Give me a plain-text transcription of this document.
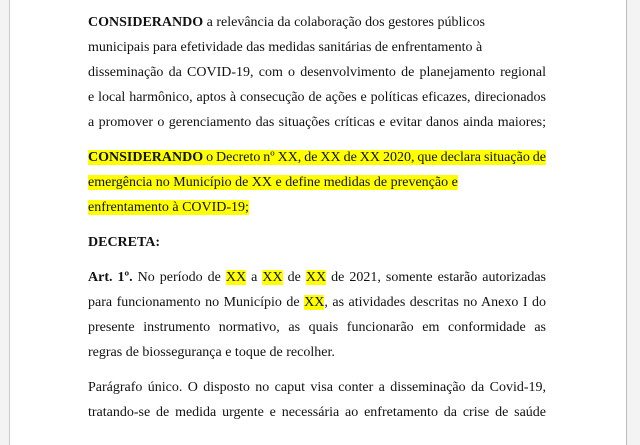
CONSIDERANDO a relevância da colaboração dos gestores públicos
municipais para efetividade das medidas sanitárias de enfrentamento à
disseminação da COVID-19, com o desenvolvimento de planejamento regional
e local harmônico, aptos à consecução de ações e políticas eficazes, direcionados
a promover o gerenciamento das situações críticas e evitar danos ainda maiores;
CONSIDERANDO o Decreto nº XX, de XX de XX 2020, que declara situação de
emergência no Município de XX e define medidas de prevenção e
enfrentamento à COVID-19;
DECRETA:
Art. 1º. No período de XX a XX de XX de 2021, somente estarão autorizadas
para funcionamento no Município de XX, as atividades descritas no Anexo I do
presente instrumento normativo, as quais funcionarão em conformidade as
regras de biossegurança e toque de recolher.
Parágrafo único. O disposto no caput visa conter a disseminação da Covid-19,
tratando-se de medida urgente e necessária ao enfretamento da crise de saúde
